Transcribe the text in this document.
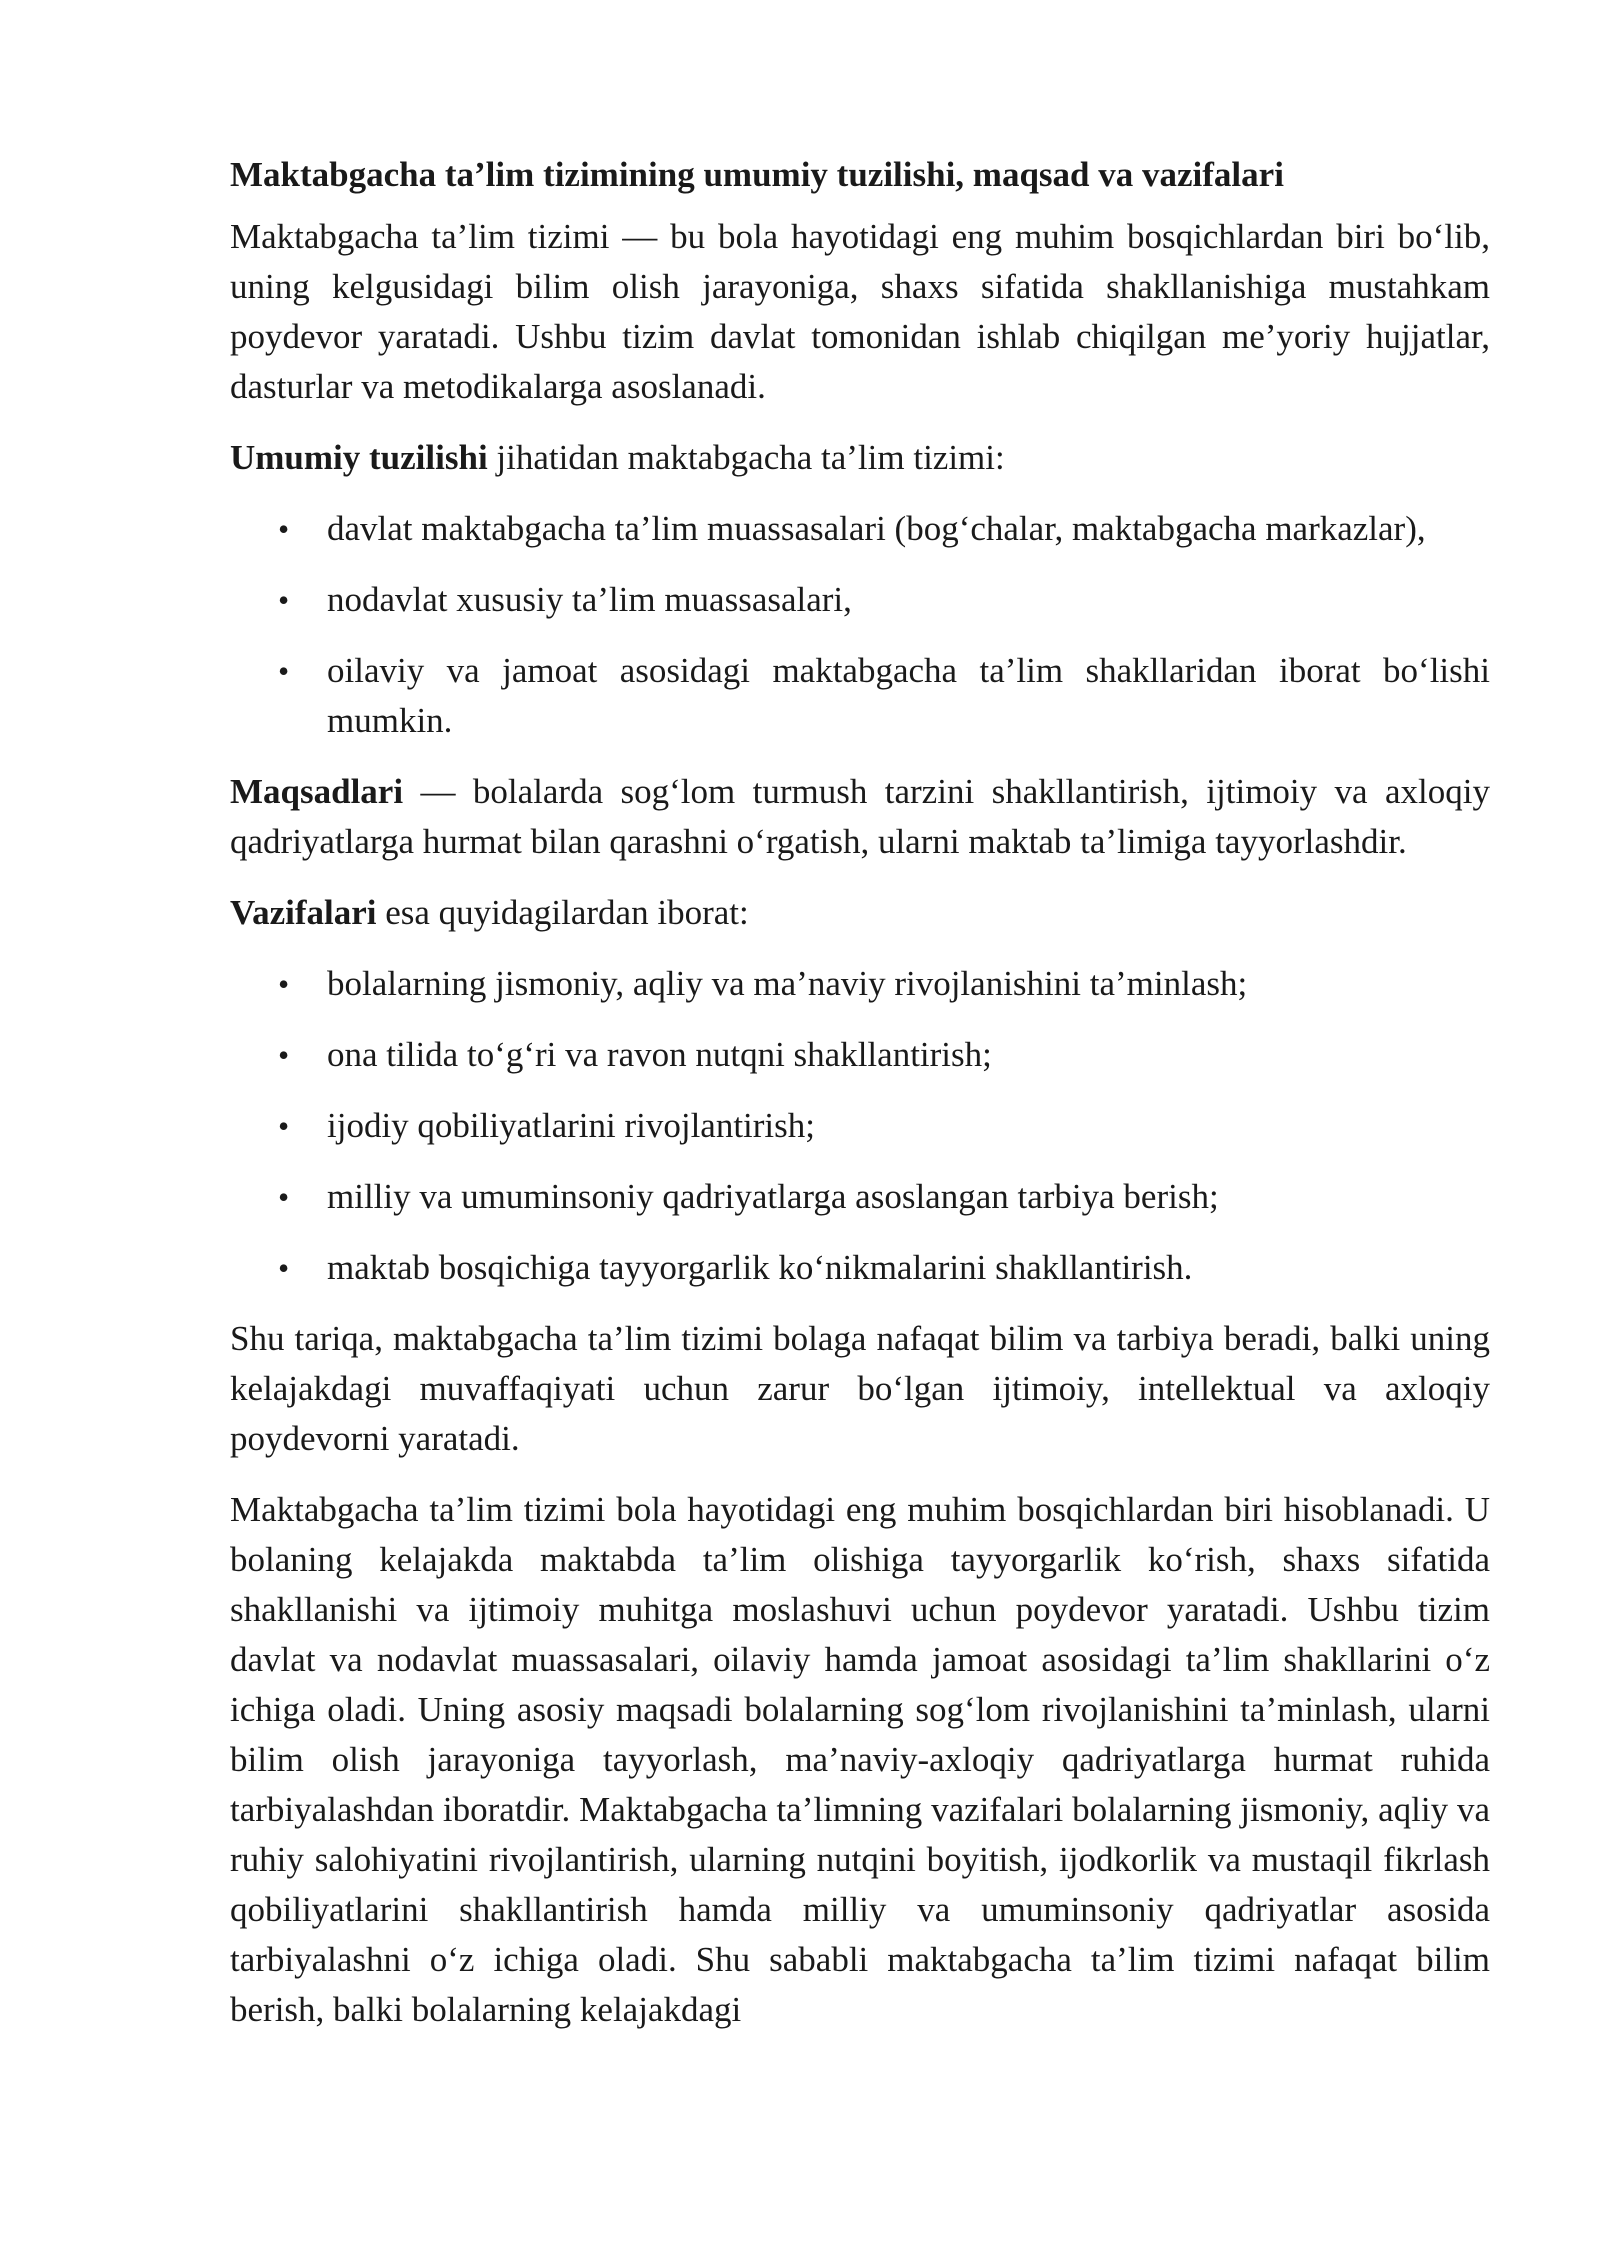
Maktabgacha ta’lim tizimining umumiy tuzilishi, maqsad va vazifalari

Maktabgacha ta’lim tizimi — bu bola hayotidagi eng muhim bosqichlardan biri bo‘lib, uning kelgusidagi bilim olish jarayoniga, shaxs sifatida shakllanishiga mustahkam poydevor yaratadi. Ushbu tizim davlat tomonidan ishlab chiqilgan me’yoriy hujjatlar, dasturlar va metodikalarga asoslanadi.

Umumiy tuzilishi jihatidan maktabgacha ta’lim tizimi:

• davlat maktabgacha ta’lim muassasalari (bog‘chalar, maktabgacha markazlar),
• nodavlat xususiy ta’lim muassasalari,
• oilaviy va jamoat asosidagi maktabgacha ta’lim shakllaridan iborat bo‘lishi mumkin.

Maqsadlari — bolalarda sog‘lom turmush tarzini shakllantirish, ijtimoiy va axloqiy qadriyatlarga hurmat bilan qarashni o‘rgatish, ularni maktab ta’limiga tayyorlashdir.

Vazifalari esa quyidagilardan iborat:

• bolalarning jismoniy, aqliy va ma’naviy rivojlanishini ta’minlash;
• ona tilida to‘g‘ri va ravon nutqni shakllantirish;
• ijodiy qobiliyatlarini rivojlantirish;
• milliy va umuminsoniy qadriyatlarga asoslangan tarbiya berish;
• maktab bosqichiga tayyorgarlik ko‘nikmalarini shakllantirish.

Shu tariqa, maktabgacha ta’lim tizimi bolaga nafaqat bilim va tarbiya beradi, balki uning kelajakdagi muvaffaqiyati uchun zarur bo‘lgan ijtimoiy, intellektual va axloqiy poydevorni yaratadi.

Maktabgacha ta’lim tizimi bola hayotidagi eng muhim bosqichlardan biri hisoblanadi. U bolaning kelajakda maktabda ta’lim olishiga tayyorgarlik ko‘rish, shaxs sifatida shakllanishi va ijtimoiy muhitga moslashuvi uchun poydevor yaratadi. Ushbu tizim davlat va nodavlat muassasalari, oilaviy hamda jamoat asosidagi ta’lim shakllarini o‘z ichiga oladi. Uning asosiy maqsadi bolalarning sog‘lom rivojlanishini ta’minlash, ularni bilim olish jarayoniga tayyorlash, ma’naviy-axloqiy qadriyatlarga hurmat ruhida tarbiyalashdan iboratdir. Maktabgacha ta’limning vazifalari bolalarning jismoniy, aqliy va ruhiy salohiyatini rivojlantirish, ularning nutqini boyitish, ijodkorlik va mustaqil fikrlash qobiliyatlarini shakllantirish hamda milliy va umuminsoniy qadriyatlar asosida tarbiyalashni o‘z ichiga oladi. Shu sababli maktabgacha ta’lim tizimi nafaqat bilim berish, balki bolalarning kelajakdagi
